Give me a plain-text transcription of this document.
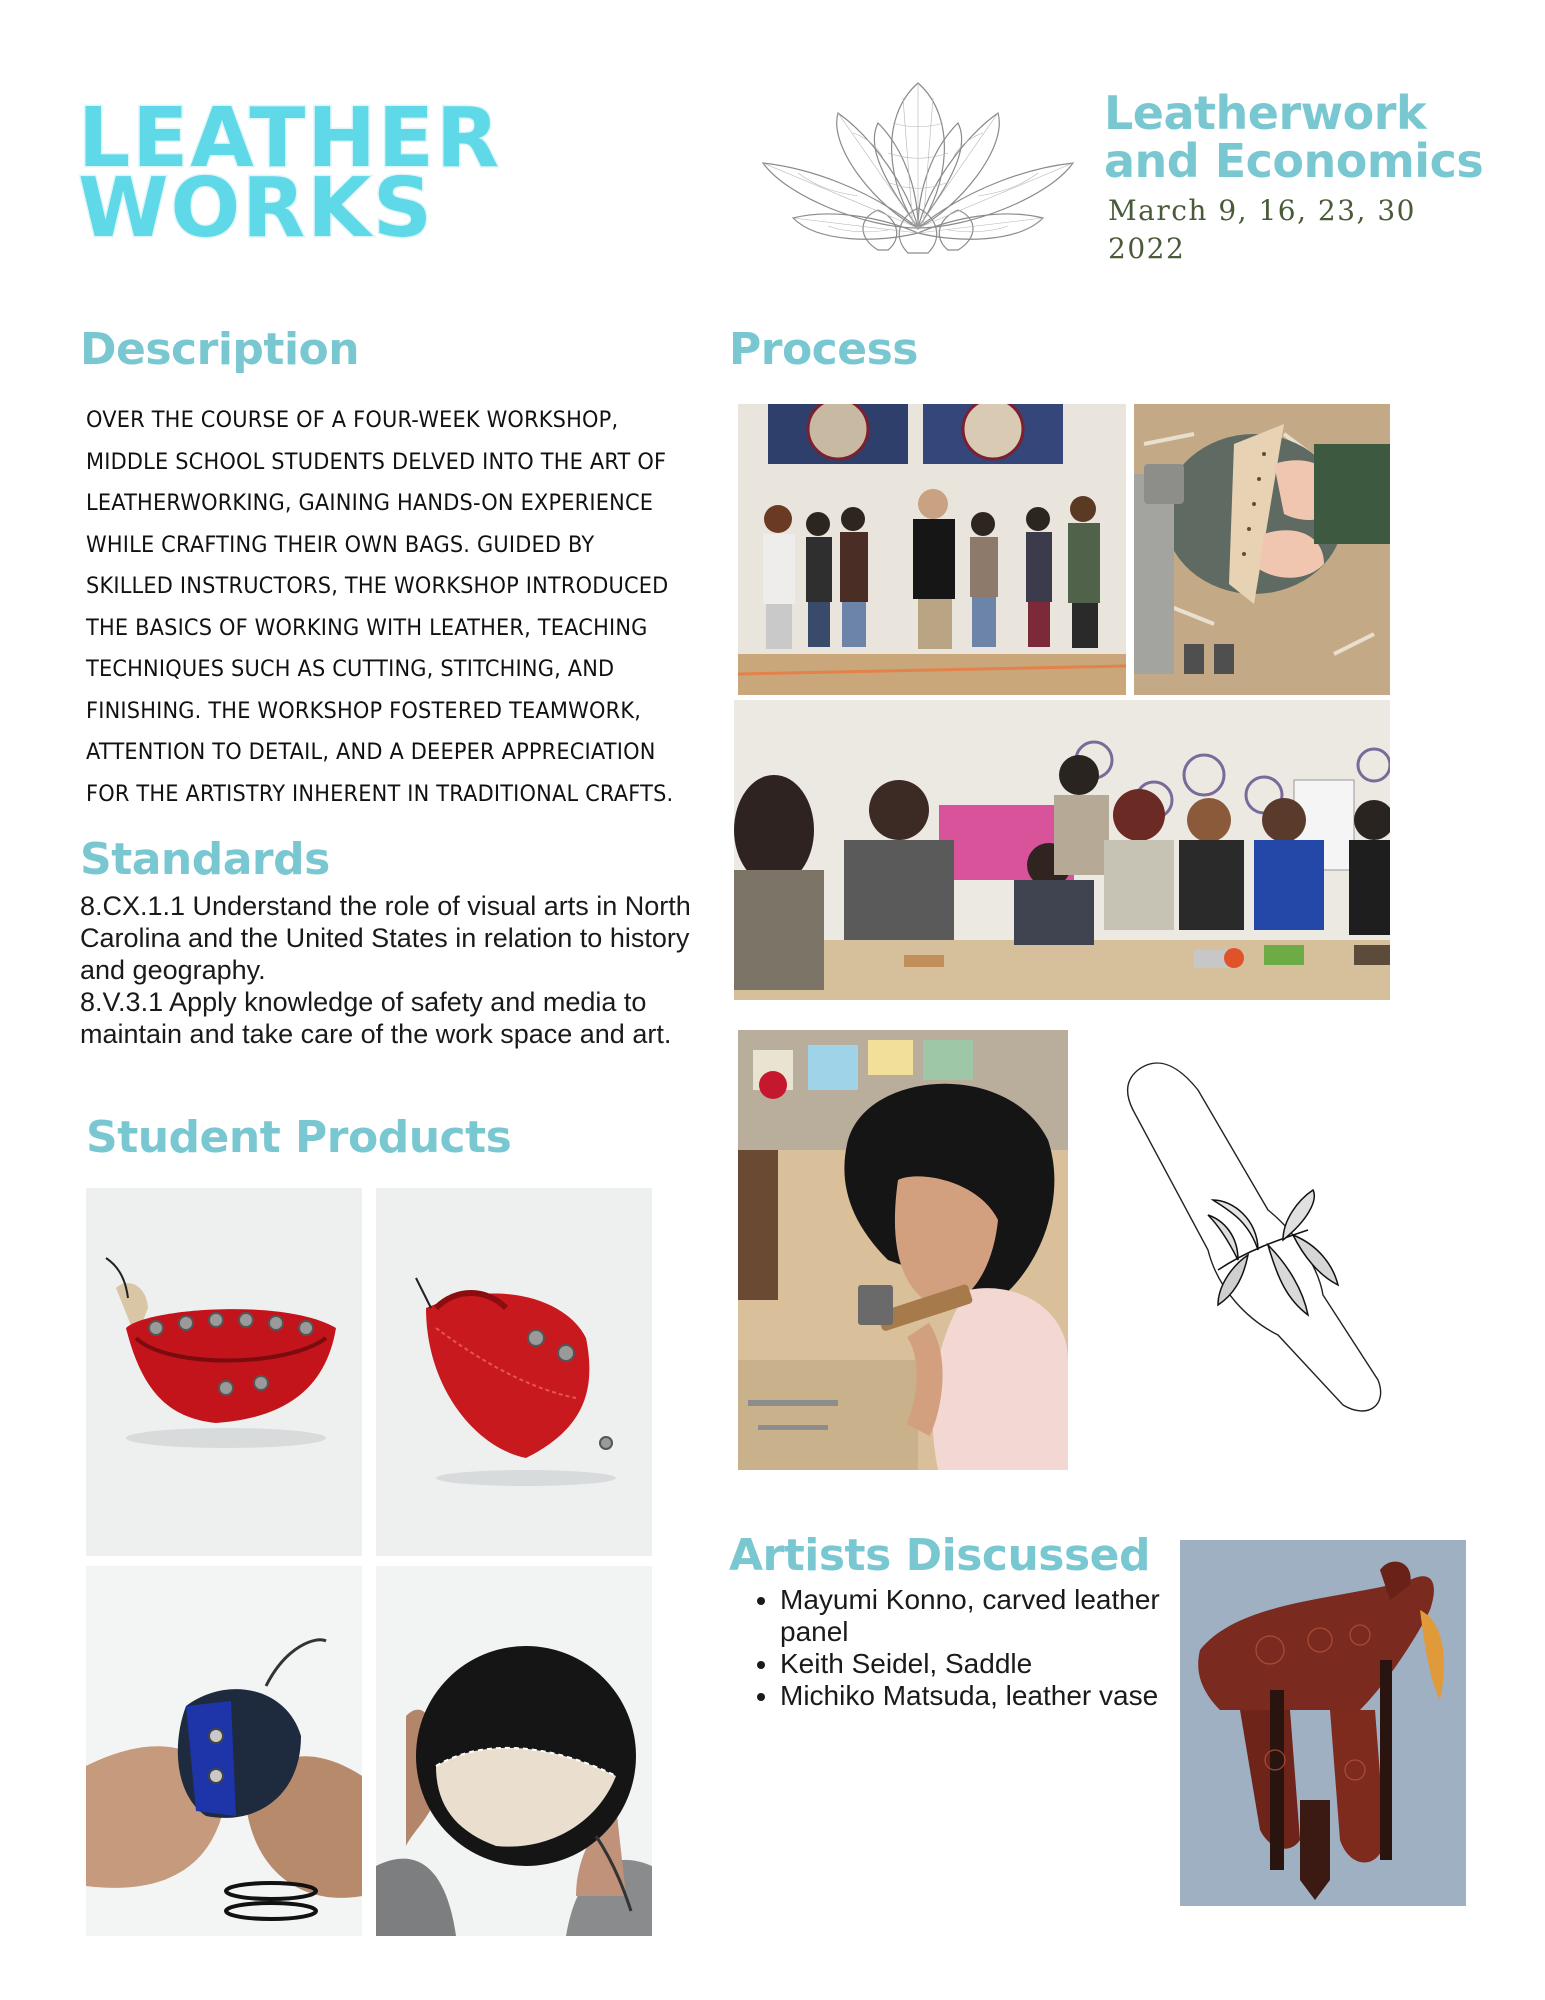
LEATHER
WORKS
Leatherwork
and Economics
March 9, 16, 23, 30
2022
Description
OVER THE COURSE OF A FOUR-WEEK WORKSHOP, MIDDLE SCHOOL STUDENTS DELVED INTO THE ART OF LEATHERWORKING, GAINING HANDS-ON EXPERIENCE WHILE CRAFTING THEIR OWN BAGS. GUIDED BY SKILLED INSTRUCTORS, THE WORKSHOP INTRODUCED THE BASICS OF WORKING WITH LEATHER, TEACHING TECHNIQUES SUCH AS CUTTING, STITCHING, AND FINISHING. THE WORKSHOP FOSTERED TEAMWORK, ATTENTION TO DETAIL, AND A DEEPER APPRECIATION FOR THE ARTISTRY INHERENT IN TRADITIONAL CRAFTS.
Standards
8.CX.1.1 Understand the role of visual arts in North Carolina and the United States in relation to history and geography.
8.V.3.1 Apply knowledge of safety and media to maintain and take care of the work space and art.
Student Products
Process
Artists Discussed
• Mayumi Konno, carved leather panel
• Keith Seidel, Saddle
• Michiko Matsuda, leather vase
